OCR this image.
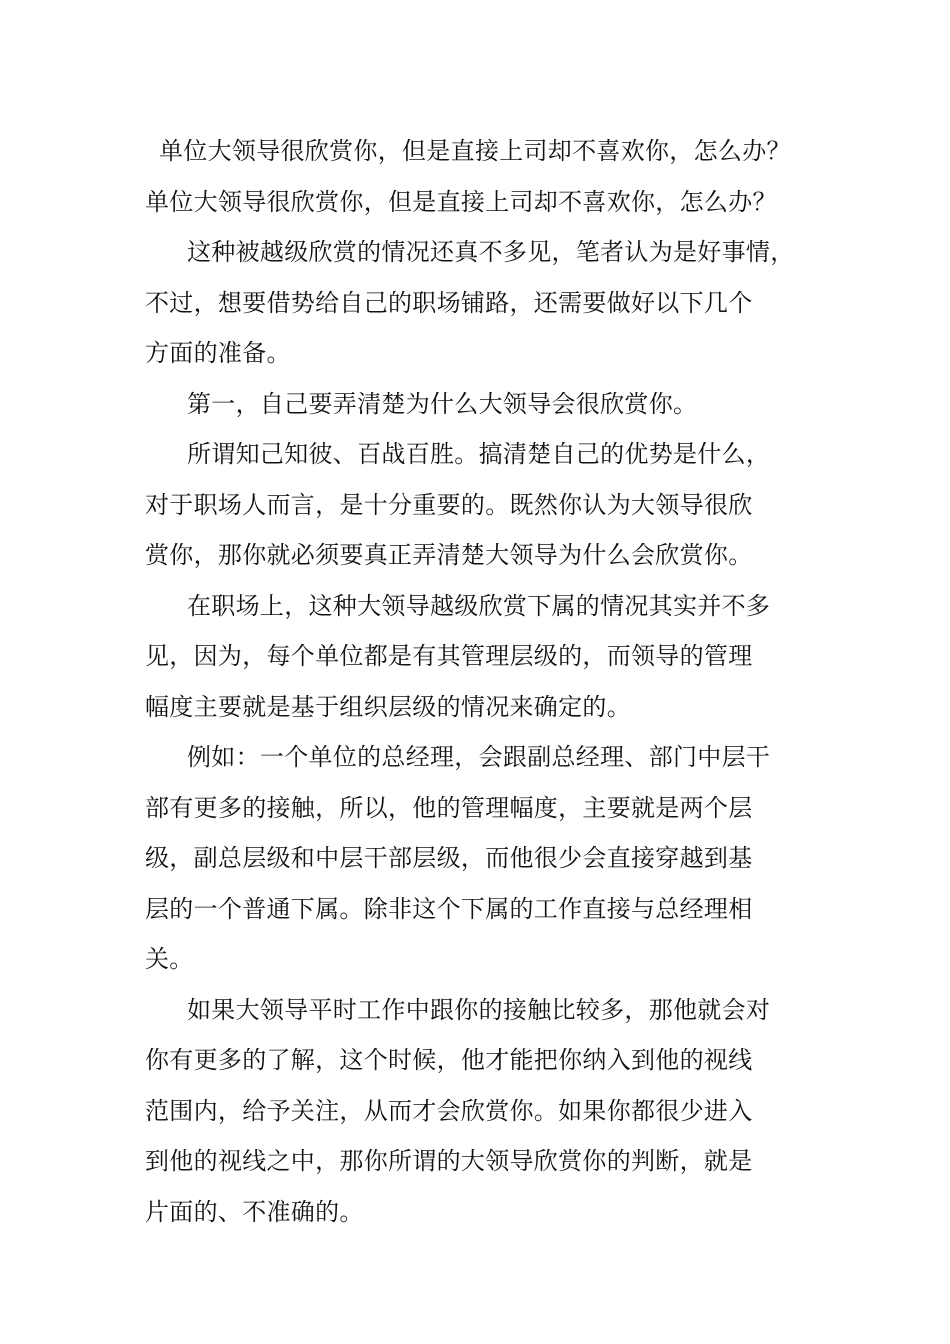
单位大领导很欣赏你，但是直接上司却不喜欢你，怎么办？
单位大领导很欣赏你，但是直接上司却不喜欢你，怎么办？
这种被越级欣赏的情况还真不多见，笔者认为是好事情，
不过，想要借势给自己的职场铺路，还需要做好以下几个
方面的准备。
第一，自己要弄清楚为什么大领导会很欣赏你。
所谓知己知彼、百战百胜。搞清楚自己的优势是什么，
对于职场人而言，是十分重要的。既然你认为大领导很欣
赏你，那你就必须要真正弄清楚大领导为什么会欣赏你。
在职场上，这种大领导越级欣赏下属的情况其实并不多
见，因为，每个单位都是有其管理层级的，而领导的管理
幅度主要就是基于组织层级的情况来确定的。
例如：一个单位的总经理，会跟副总经理、部门中层干
部有更多的接触，所以，他的管理幅度，主要就是两个层
级，副总层级和中层干部层级，而他很少会直接穿越到基
层的一个普通下属。除非这个下属的工作直接与总经理相
关。
如果大领导平时工作中跟你的接触比较多，那他就会对
你有更多的了解，这个时候，他才能把你纳入到他的视线
范围内，给予关注，从而才会欣赏你。如果你都很少进入
到他的视线之中，那你所谓的大领导欣赏你的判断，就是
片面的、不准确的。
